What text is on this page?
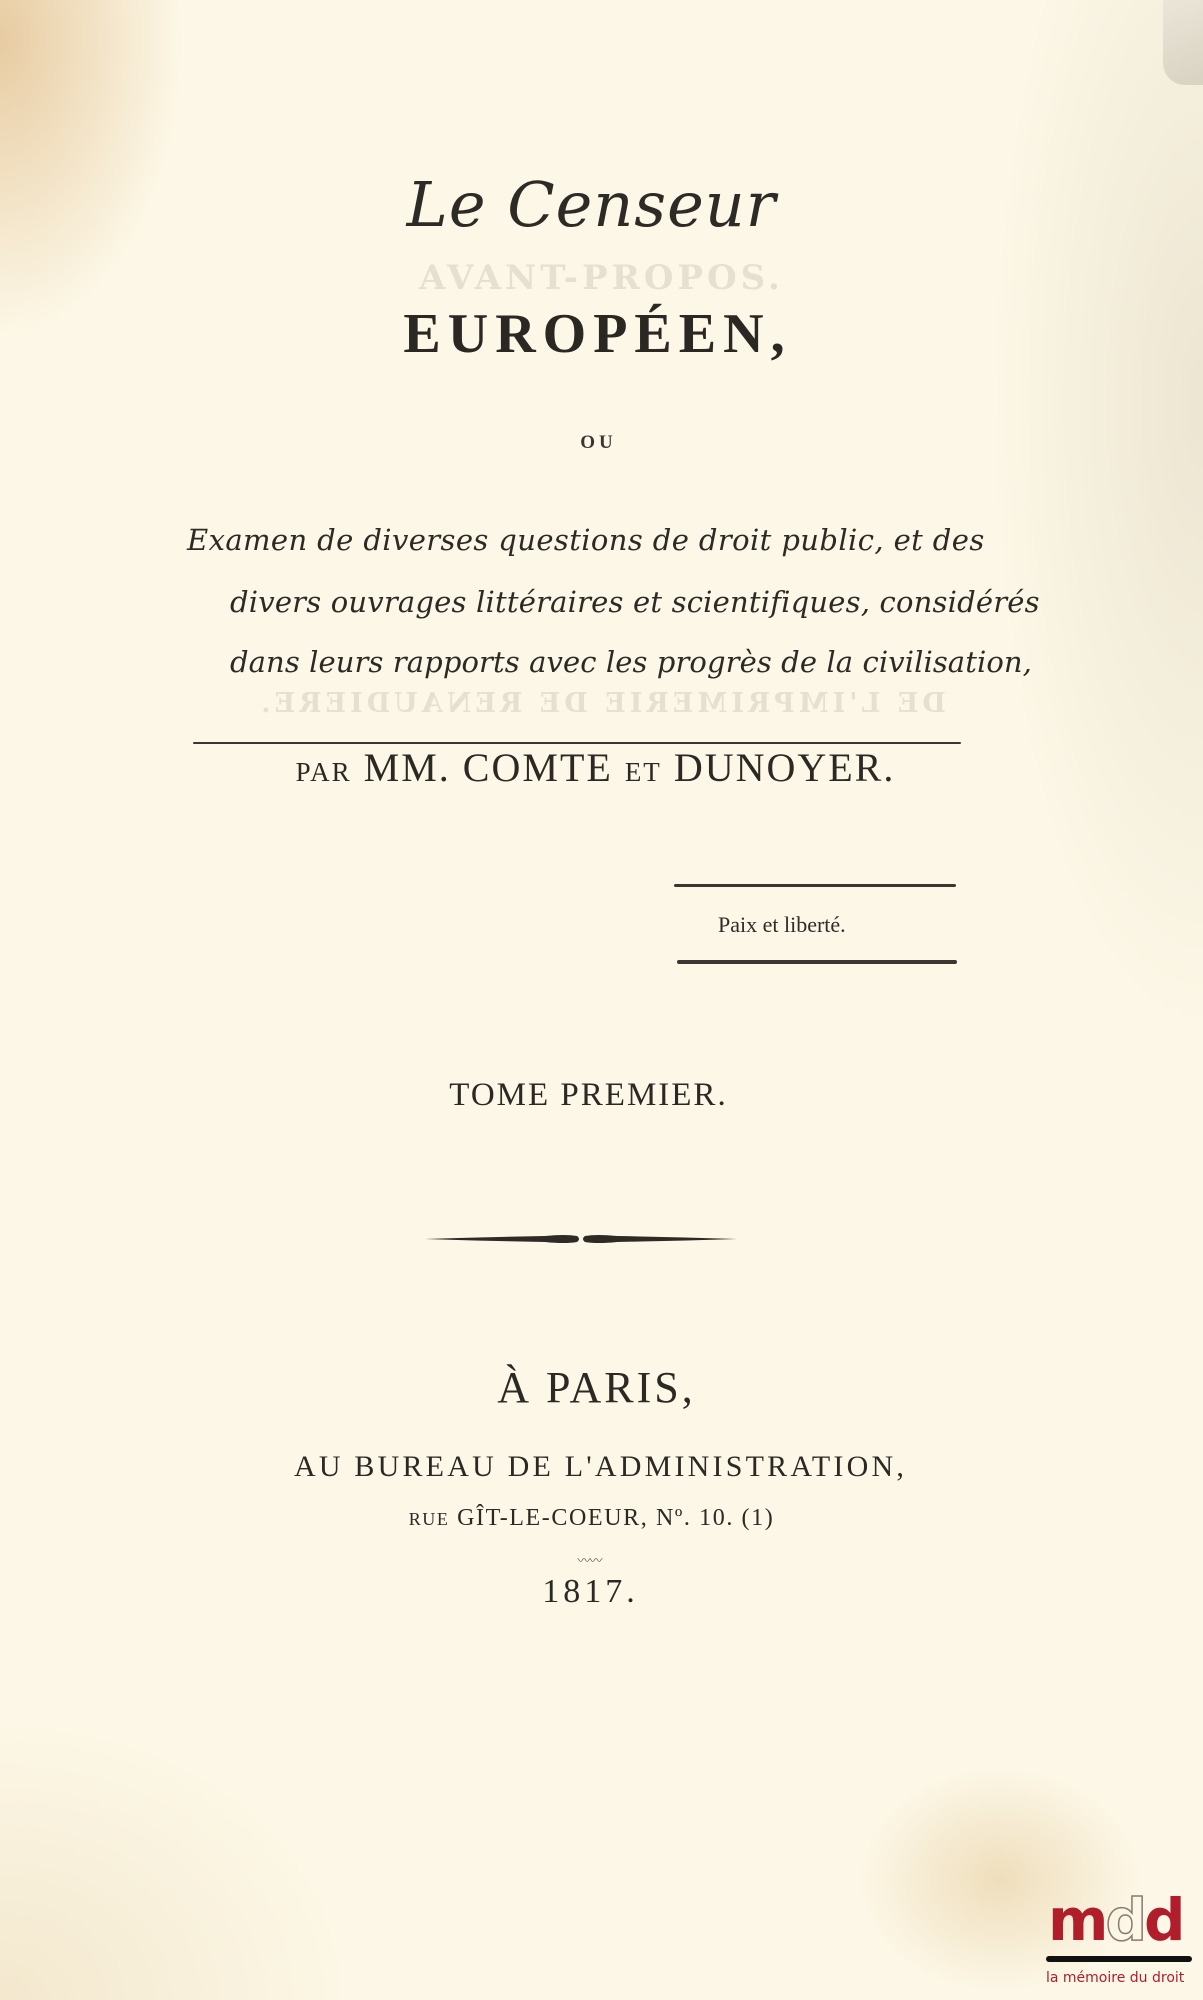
AVANT-PROPOS.
DE L'IMPRIMERIE DE RENAUDIERE.
Le Censeur
EUROPÉEN,
OU
Examen de diverses questions de droit public, et des
divers ouvrages littéraires et scientifiques, considérés
dans leurs rapports avec les progrès de la civilisation,
PAR MM. COMTE ET DUNOYER.
Paix et liberté.
TOME PREMIER.
À PARIS,
AU BUREAU DE L'ADMINISTRATION,
RUE GÎT-LE-COEUR, Nº. 10. (1)
〰〰
1817.
mdd
la mémoire du droit
